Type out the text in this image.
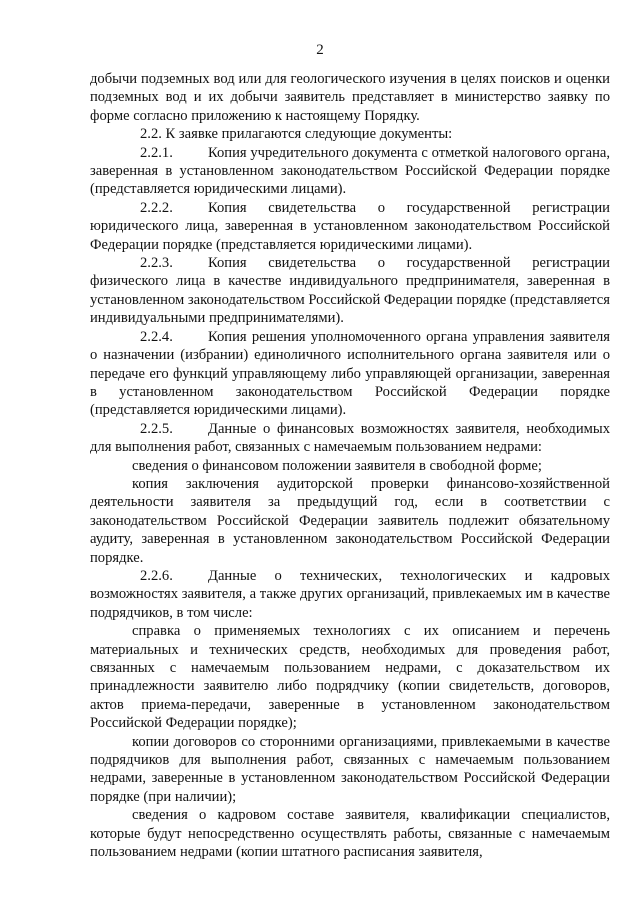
2

добычи подземных вод или для геологического изучения в целях поисков и оценки подземных вод и их добычи заявитель представляет в министерство заявку по форме согласно приложению к настоящему Порядку.

2.2. К заявке прилагаются следующие документы:

2.2.1. Копия учредительного документа с отметкой налогового органа, заверенная в установленном законодательством Российской Федерации порядке (представляется юридическими лицами).

2.2.2. Копия свидетельства о государственной регистрации юридического лица, заверенная в установленном законодательством Российской Федерации порядке (представляется юридическими лицами).

2.2.3. Копия свидетельства о государственной регистрации физического лица в качестве индивидуального предпринимателя, заверенная в установленном законодательством Российской Федерации порядке (представляется индивидуальными предпринимателями).

2.2.4. Копия решения уполномоченного органа управления заявителя о назначении (избрании) единоличного исполнительного органа заявителя или о передаче его функций управляющему либо управляющей организации, заверенная в установленном законодательством Российской Федерации порядке (представляется юридическими лицами).

2.2.5. Данные о финансовых возможностях заявителя, необходимых для выполнения работ, связанных с намечаемым пользованием недрами:

сведения о финансовом положении заявителя в свободной форме;

копия заключения аудиторской проверки финансово-хозяйственной деятельности заявителя за предыдущий год, если в соответствии с законодательством Российской Федерации заявитель подлежит обязательному аудиту, заверенная в установленном законодательством Российской Федерации порядке.

2.2.6. Данные о технических, технологических и кадровых возможностях заявителя, а также других организаций, привлекаемых им в качестве подрядчиков, в том числе:

справка о применяемых технологиях с их описанием и перечень материальных и технических средств, необходимых для проведения работ, связанных с намечаемым пользованием недрами, с доказательством их принадлежности заявителю либо подрядчику (копии свидетельств, договоров, актов приема-передачи, заверенные в установленном законодательством Российской Федерации порядке);

копии договоров со сторонними организациями, привлекаемыми в качестве подрядчиков для выполнения работ, связанных с намечаемым пользованием недрами, заверенные в установленном законодательством Российской Федерации порядке (при наличии);

сведения о кадровом составе заявителя, квалификации специалистов, которые будут непосредственно осуществлять работы, связанные с намечаемым пользованием недрами (копии штатного расписания заявителя,
